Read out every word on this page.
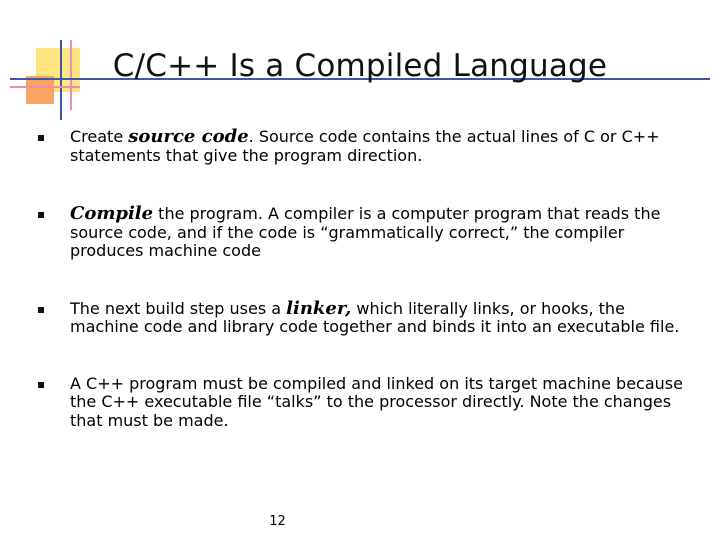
C/C++ Is a Compiled Language
Create source code. Source code contains the actual lines of C or C++ statements that give the program direction.
Compile the program. A compiler is a computer program that reads the source code, and if the code is “grammatically correct,” the compiler produces machine code
The next build step uses a linker, which literally links, or hooks, the machine code and library code together and binds it into an executable file.
A C++ program must be compiled and linked on its target machine because the C++ executable file “talks” to the processor directly. Note the changes that must be made.
12
